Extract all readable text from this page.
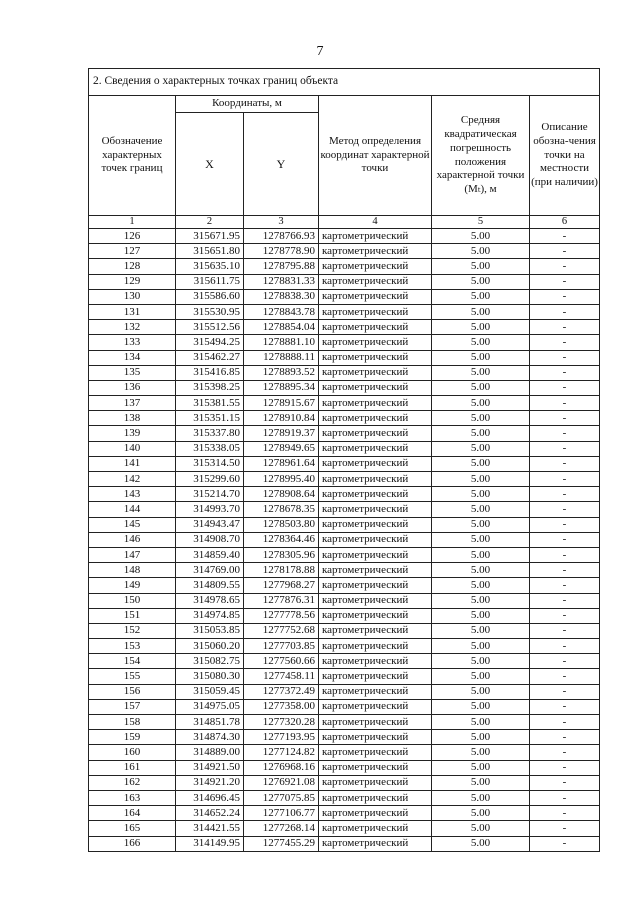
7
2. Сведения о характерных точках границ объекта					
Обозначение характерных точек границ	Координаты, м		Метод определения координат характерной точки	Средняя квадратическая погрешность положения характерной точки (Мₜ), м	Описание обозна-чения точки на местности (при наличии)
	X	Y			
1	2	3	4	5	6
126	315671.95	1278766.93	картометрический	5.00	-
127	315651.80	1278778.90	картометрический	5.00	-
128	315635.10	1278795.88	картометрический	5.00	-
129	315611.75	1278831.33	картометрический	5.00	-
130	315586.60	1278838.30	картометрический	5.00	-
131	315530.95	1278843.78	картометрический	5.00	-
132	315512.56	1278854.04	картометрический	5.00	-
133	315494.25	1278881.10	картометрический	5.00	-
134	315462.27	1278888.11	картометрический	5.00	-
135	315416.85	1278893.52	картометрический	5.00	-
136	315398.25	1278895.34	картометрический	5.00	-
137	315381.55	1278915.67	картометрический	5.00	-
138	315351.15	1278910.84	картометрический	5.00	-
139	315337.80	1278919.37	картометрический	5.00	-
140	315338.05	1278949.65	картометрический	5.00	-
141	315314.50	1278961.64	картометрический	5.00	-
142	315299.60	1278995.40	картометрический	5.00	-
143	315214.70	1278908.64	картометрический	5.00	-
144	314993.70	1278678.35	картометрический	5.00	-
145	314943.47	1278503.80	картометрический	5.00	-
146	314908.70	1278364.46	картометрический	5.00	-
147	314859.40	1278305.96	картометрический	5.00	-
148	314769.00	1278178.88	картометрический	5.00	-
149	314809.55	1277968.27	картометрический	5.00	-
150	314978.65	1277876.31	картометрический	5.00	-
151	314974.85	1277778.56	картометрический	5.00	-
152	315053.85	1277752.68	картометрический	5.00	-
153	315060.20	1277703.85	картометрический	5.00	-
154	315082.75	1277560.66	картометрический	5.00	-
155	315080.30	1277458.11	картометрический	5.00	-
156	315059.45	1277372.49	картометрический	5.00	-
157	314975.05	1277358.00	картометрический	5.00	-
158	314851.78	1277320.28	картометрический	5.00	-
159	314874.30	1277193.95	картометрический	5.00	-
160	314889.00	1277124.82	картометрический	5.00	-
161	314921.50	1276968.16	картометрический	5.00	-
162	314921.20	1276921.08	картометрический	5.00	-
163	314696.45	1277075.85	картометрический	5.00	-
164	314652.24	1277106.77	картометрический	5.00	-
165	314421.55	1277268.14	картометрический	5.00	-
166	314149.95	1277455.29	картометрический	5.00	-
